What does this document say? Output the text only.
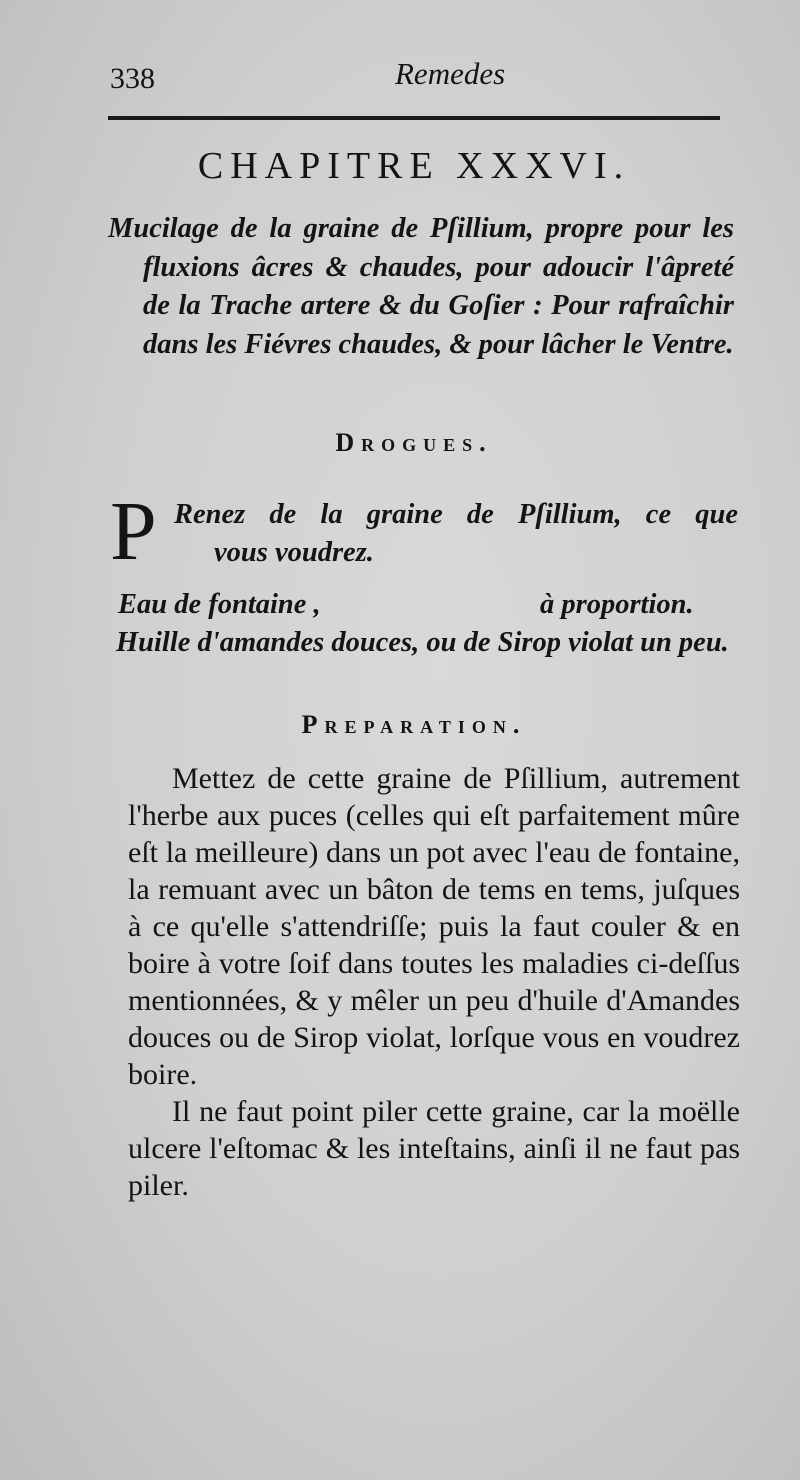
338	Remedes
CHAPITRE XXXVI.
Mucilage de la graine de Pſillium, propre pour les fluxions âcres & chaudes, pour adoucir l'âpreté de la Trache artere & du Goſier : Pour rafraîchir dans les Fiévres chaudes, & pour lâcher le Ventre.
Drogues.
P Renez de la graine de Pſillium, ce que
vous voudrez.
Eau de fontaine ,	à proportion.
Huille d'amandes douces, ou de Sirop violat un peu.
Preparation.

Mettez de cette graine de Pſillium, autrement l'herbe aux puces (celles qui eſt parfaitement mûre eſt la meilleure) dans un pot avec l'eau de fontaine, la remuant avec un bâton de tems en tems, juſques à ce qu'elle s'attendriſſe; puis la faut couler & en boire à votre ſoif dans toutes les maladies ci-deſſus mentionnées, & y mêler un peu d'huile d'Amandes douces ou de Sirop violat, lorſque vous en voudrez boire.

Il ne faut point piler cette graine, car la moëlle ulcere l'eſtomac & les inteſtains, ainſi il ne faut pas piler.
